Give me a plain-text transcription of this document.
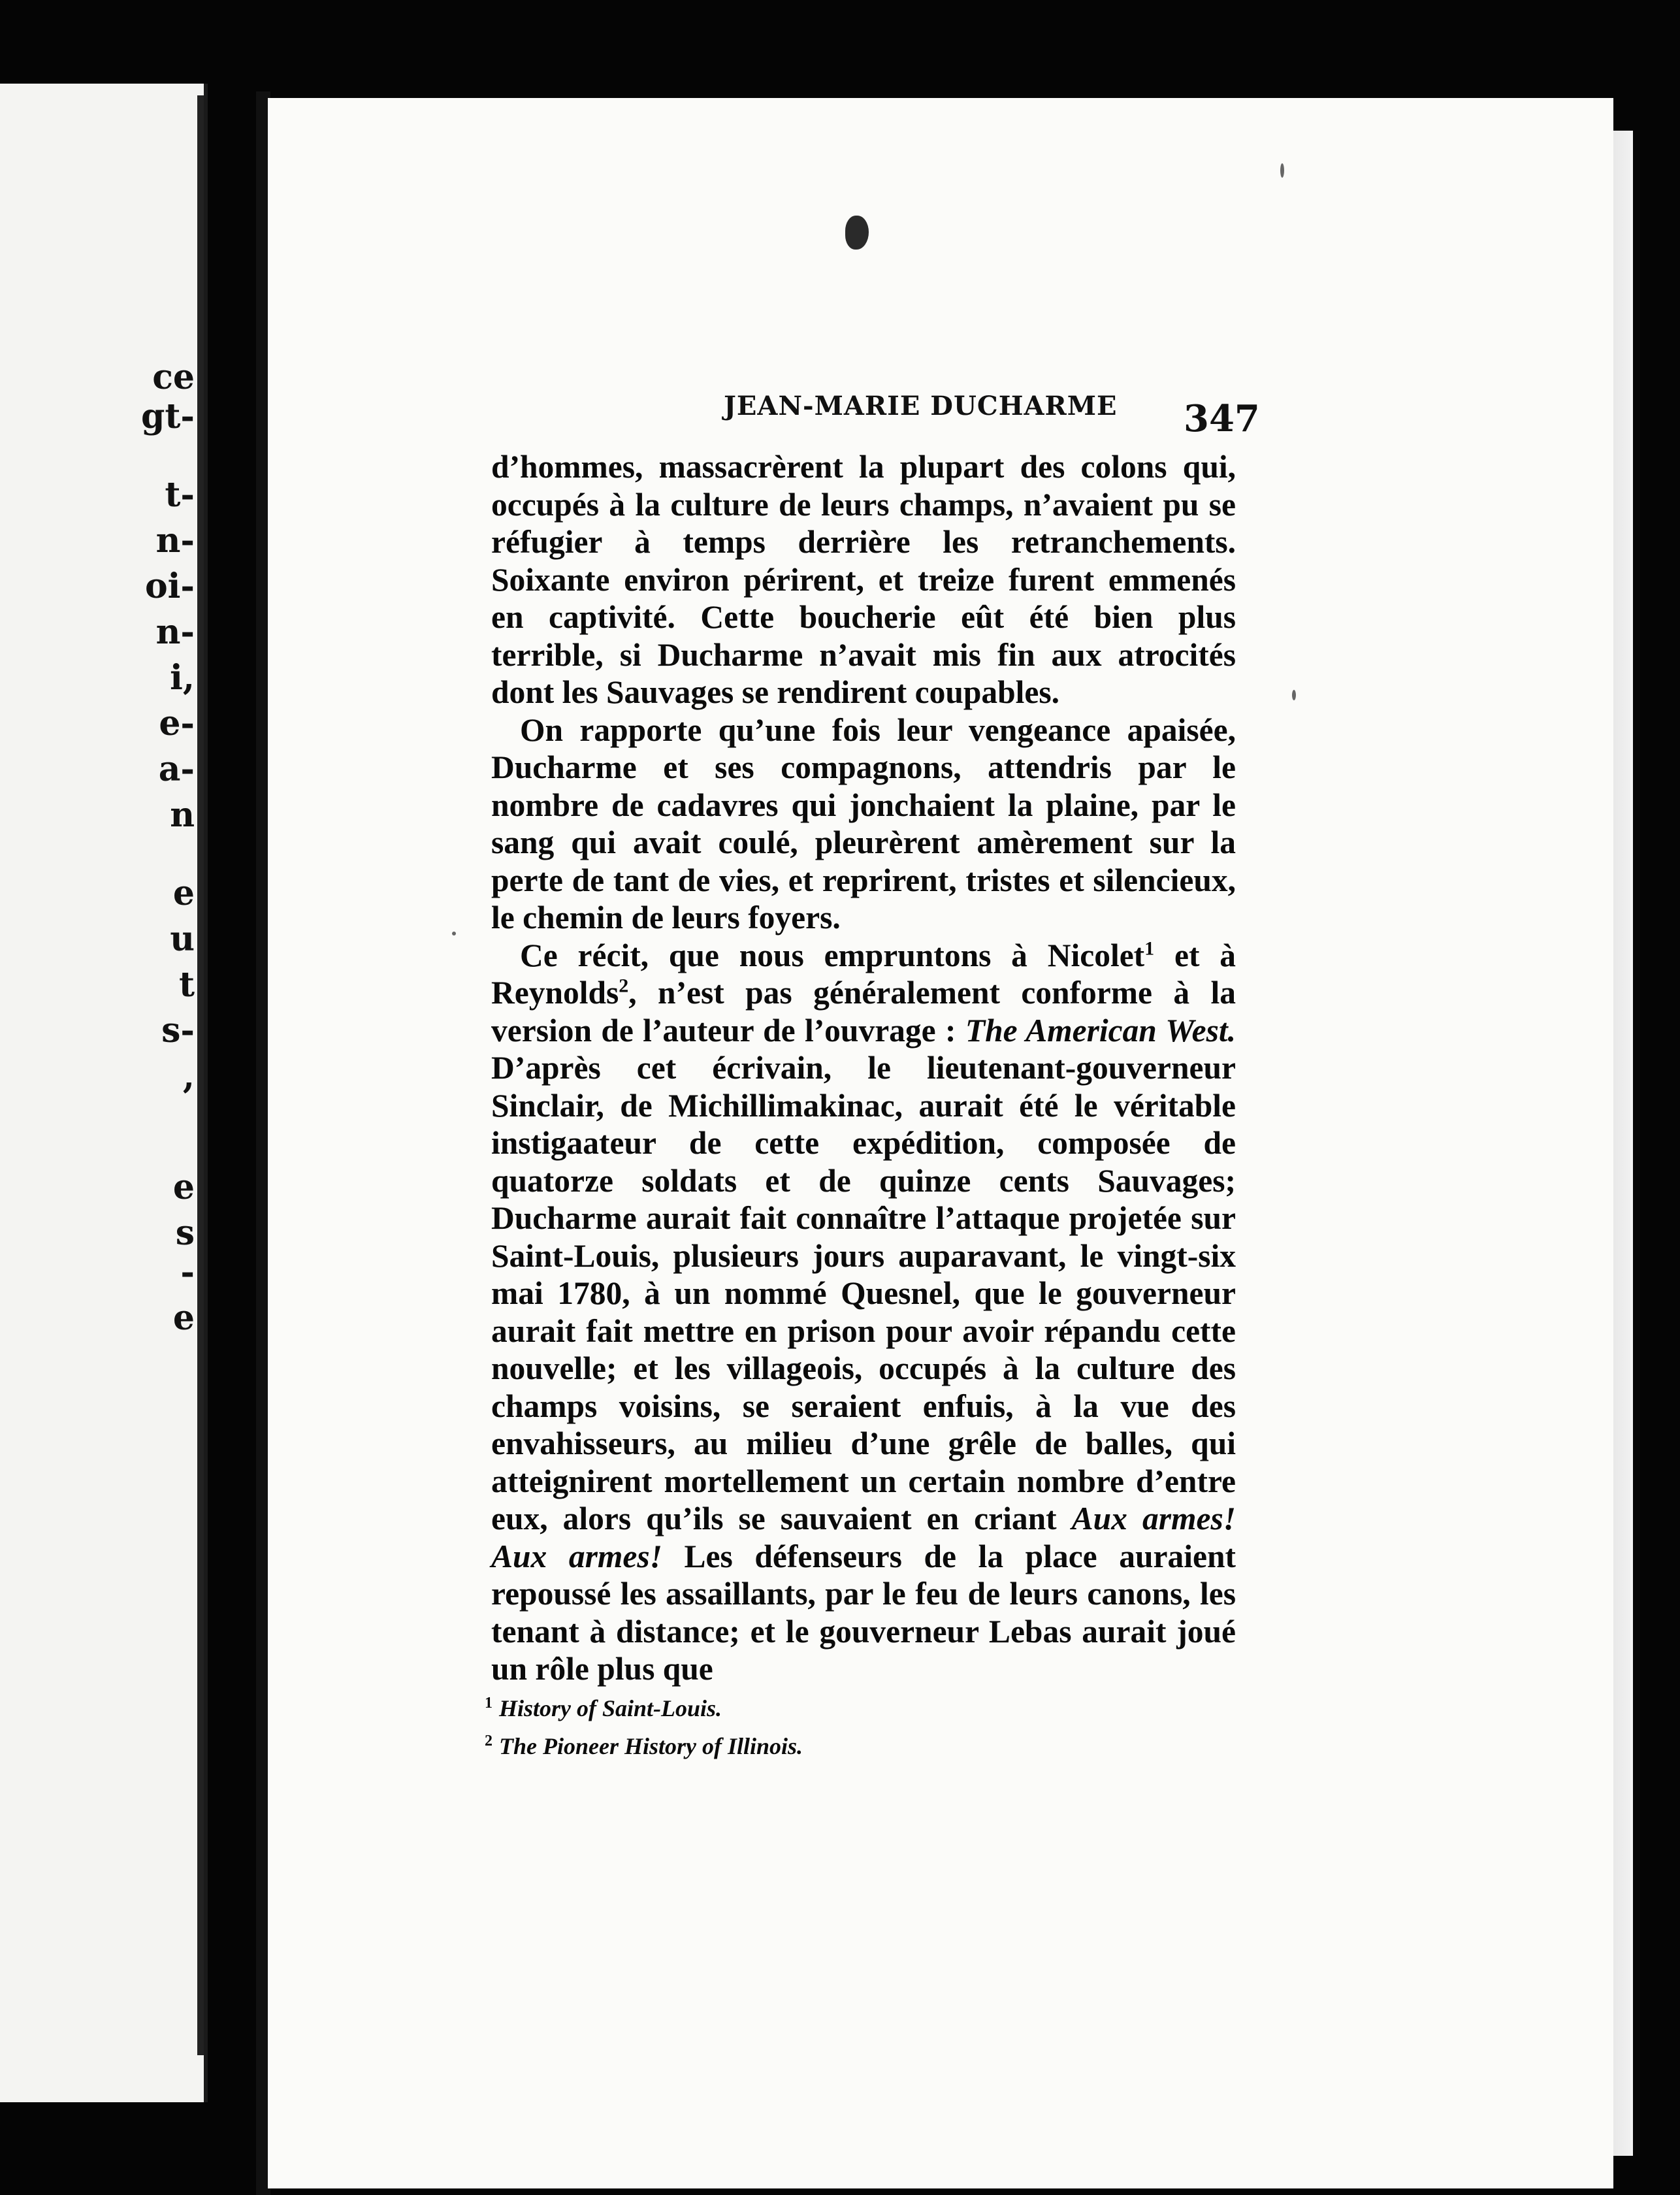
ce
gt-
t-
n-
oi-
n-
i,
e-
a-
n
e
u
t
s-
,
e
s
-
e
JEAN-MARIE DUCHARME 347

d’hommes, massacrèrent la plupart des colons qui, occupés à la culture de leurs champs, n’avaient pu se réfugier à temps derrière les retranchements. Soixante environ périrent, et treize furent emmenés en captivité. Cette boucherie eût été bien plus terrible, si Ducharme n’avait mis fin aux atrocités dont les Sauvages se rendirent coupables.

On rapporte qu’une fois leur vengeance apaisée, Ducharme et ses compagnons, attendris par le nombre de cadavres qui jonchaient la plaine, par le sang qui avait coulé, pleurèrent amèrement sur la perte de tant de vies, et reprirent, tristes et silencieux, le chemin de leurs foyers.

Ce récit, que nous empruntons à Nicolet$^1$ et à Reynolds$^2$, n’est pas généralement conforme à la version de l’auteur de l’ouvrage : The American West. D’après cet écrivain, le lieutenant-gouverneur Sinclair, de Michillimakinac, aurait été le véritable instigaateur de cette expédition, composée de quatorze soldats et de quinze cents Sauvages; Ducharme aurait fait connaître l’attaque projetée sur Saint-Louis, plusieurs jours auparavant, le vingt-six mai 1780, à un nommé Quesnel, que le gouverneur aurait fait mettre en prison pour avoir répandu cette nouvelle; et les villageois, occupés à la culture des champs voisins, se seraient enfuis, à la vue des envahisseurs, au milieu d’une grêle de balles, qui atteignirent mortellement un certain nombre d’entre eux, alors qu’ils se sauvaient en criant Aux armes! Aux armes! Les défenseurs de la place auraient repoussé les assaillants, par le feu de leurs canons, les tenant à distance; et le gouverneur Lebas aurait joué un rôle plus que

$^1$ History of Saint-Louis.
$^2$ The Pioneer History of Illinois.
